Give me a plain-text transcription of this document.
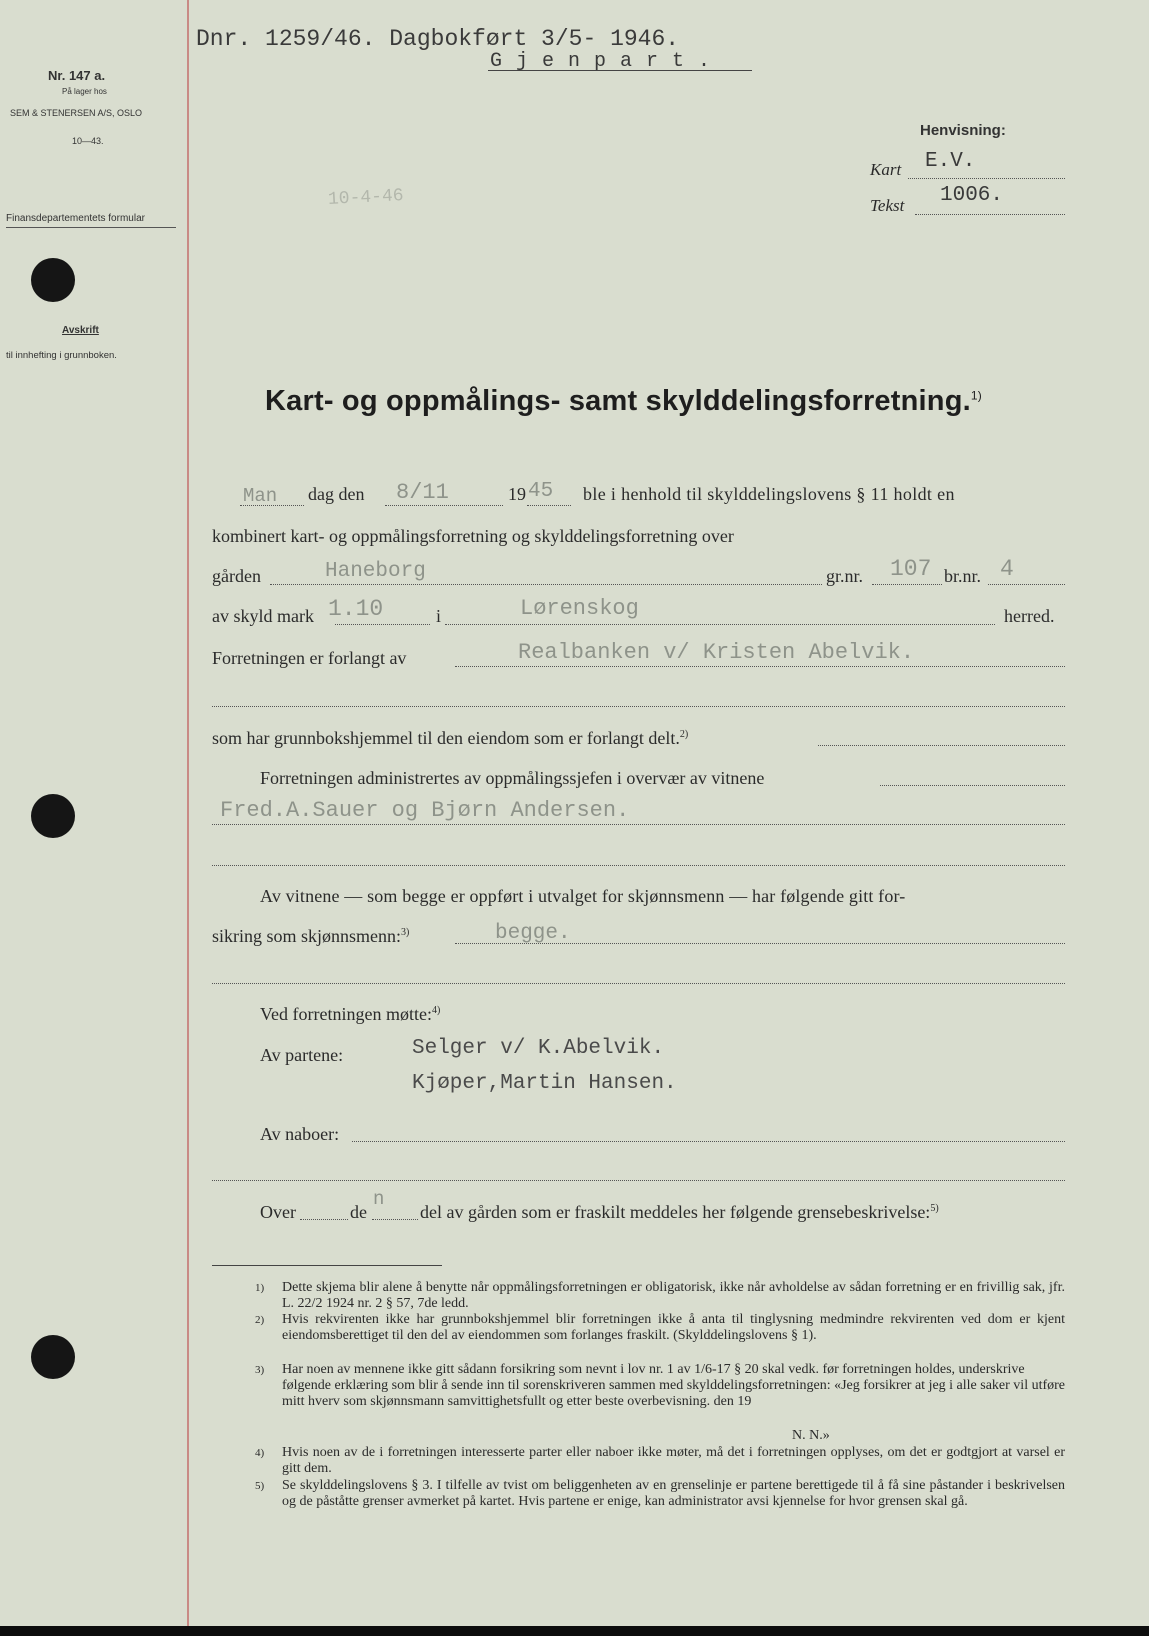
Dnr. 1259/46. Dagbokført 3/5- 1946.
G j e n p a r t .
Nr. 147 a.
På lager hos
SEM & STENERSEN A/S, OSLO
10—43.
Finansdepartementets formular
Avskrift
til innhefting i grunnboken.
Henvisning:
Kart E.V.
Tekst 1006.
10-4-46
Kart- og oppmålings- samt skylddelingsforretning.$^{1)}$
Man dag den 8/11	19 45 ble i henhold til skylddelingslovens § 11 holdt en
kombinert kart- og oppmålingsforretning og skylddelingsforretning over
gården	Haneborg	gr.nr. 107 br.nr. 4
av skyld mark 1.10	i	Lørenskog	herred.
Forretningen er forlangt av	Realbanken v/ Kristen Abelvik.
som har grunnbokshjemmel til den eiendom som er forlangt delt.$^{2)}$
Forretningen administrertes av oppmålingssjefen i overvær av vitnene
Fred.A.Sauer og Bjørn Andersen.
Av vitnene — som begge er oppført i utvalget for skjønnsmenn — har følgende gitt for-
sikring som skjønnsmenn:$^{3)}$	begge.
Ved forretningen møtte:$^{4)}$
Av partene:	Selger v/ K.Abelvik.
Kjøper,Martin Hansen.
Av naboer:
Over	de
n
del av gården som er fraskilt meddeles her følgende grensebeskrivelse:$^{5)}$
1) Dette skjema blir alene å benytte når oppmålingsforretningen er obligatorisk, ikke når avholdelse av sådan forretning er en frivillig sak, jfr. L. 22/2 1924 nr. 2 § 57, 7de ledd.
2) Hvis rekvirenten ikke har grunnbokshjemmel blir forretningen ikke å anta til tinglysning medmindre rekvirenten ved dom er kjent eiendomsberettiget til den del av eiendommen som forlanges fraskilt. (Skylddelingslovens § 1).
3) Har noen av mennene ikke gitt sådann forsikring som nevnt i lov nr. 1 av 1/6-17 § 20 skal vedk. før forretningen holdes, underskrive følgende erklæring som blir å sende inn til sorenskriveren sammen med skylddelingsforretningen: «Jeg forsikrer at jeg i alle saker vil utføre mitt hverv som skjønnsmann samvittighetsfullt og etter beste overbevisning. den 19
N. N.»
4) Hvis noen av de i forretningen interesserte parter eller naboer ikke møter, må det i forretningen opplyses, om det er godtgjort at varsel er gitt dem.
5) Se skylddelingslovens § 3. I tilfelle av tvist om beliggenheten av en grenselinje er partene berettigede til å få sine påstander i beskrivelsen og de påståtte grenser avmerket på kartet. Hvis partene er enige, kan administrator avsi kjennelse for hvor grensen skal gå.
